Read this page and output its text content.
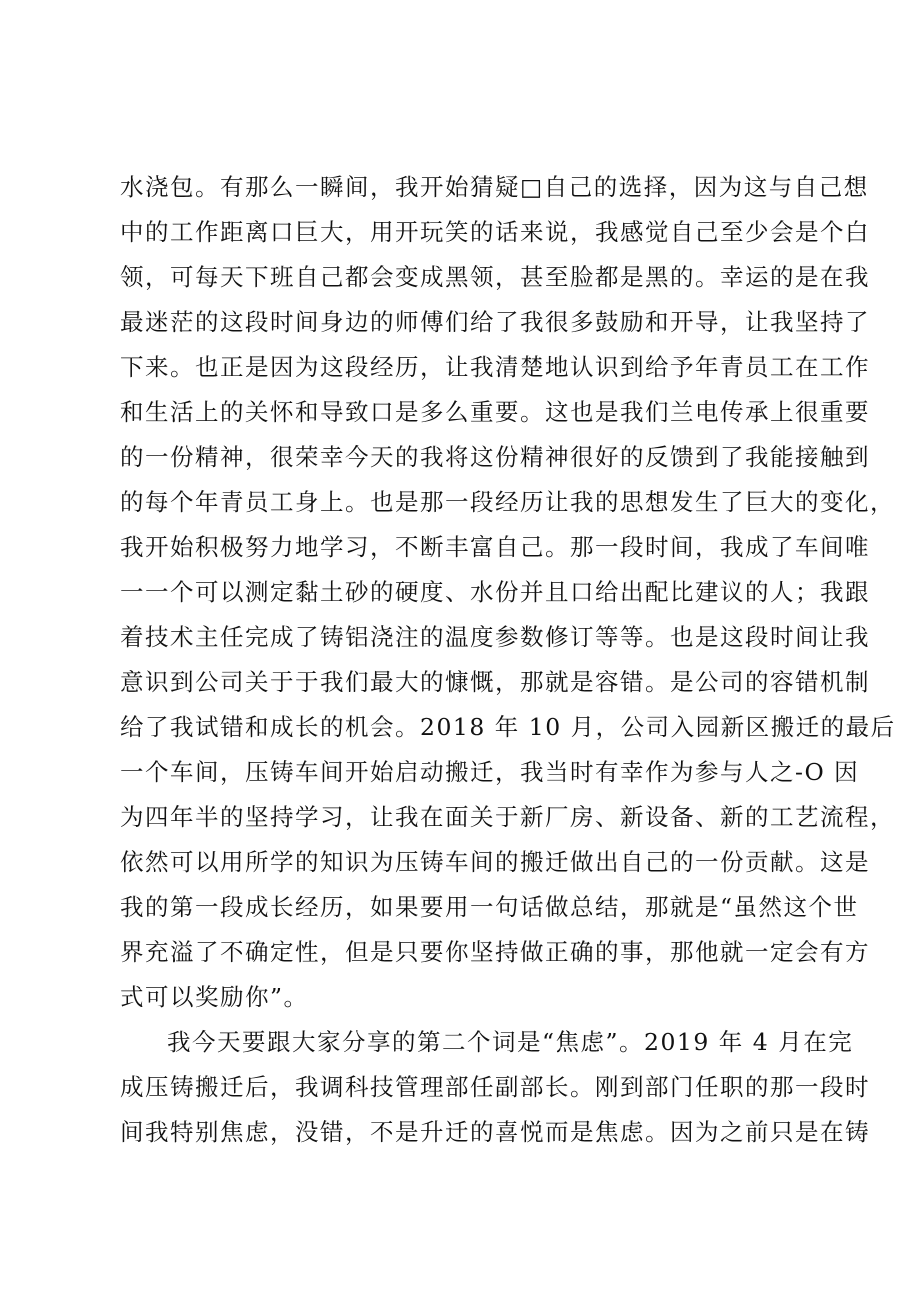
水浇包。有那么一瞬间，我开始猜疑□自己的选择，因为这与自己想
中的工作距离口巨大，用开玩笑的话来说，我感觉自己至少会是个白
领，可每天下班自己都会变成黑领，甚至脸都是黑的。幸运的是在我
最迷茫的这段时间身边的师傅们给了我很多鼓励和开导，让我坚持了
下来。也正是因为这段经历，让我清楚地认识到给予年青员工在工作
和生活上的关怀和导致口是多么重要。这也是我们兰电传承上很重要
的一份精神，很荣幸今天的我将这份精神很好的反馈到了我能接触到
的每个年青员工身上。也是那一段经历让我的思想发生了巨大的变化，
我开始积极努力地学习，不断丰富自己。那一段时间，我成了车间唯
一一个可以测定黏土砂的硬度、水份并且口给出配比建议的人；我跟
着技术主任完成了铸铝浇注的温度参数修订等等。也是这段时间让我
意识到公司关于于我们最大的慷慨，那就是容错。是公司的容错机制
给了我试错和成长的机会。2018 年 10 月，公司入园新区搬迁的最后
一个车间，压铸车间开始启动搬迁，我当时有幸作为参与人之-O 因
为四年半的坚持学习，让我在面关于新厂房、新设备、新的工艺流程，
依然可以用所学的知识为压铸车间的搬迁做出自己的一份贡献。这是
我的第一段成长经历，如果要用一句话做总结，那就是“虽然这个世
界充溢了不确定性，但是只要你坚持做正确的事，那他就一定会有方
式可以奖励你”。
我今天要跟大家分享的第二个词是“焦虑”。2019 年 4 月在完
成压铸搬迁后，我调科技管理部任副部长。刚到部门任职的那一段时
间我特别焦虑，没错，不是升迁的喜悦而是焦虑。因为之前只是在铸
